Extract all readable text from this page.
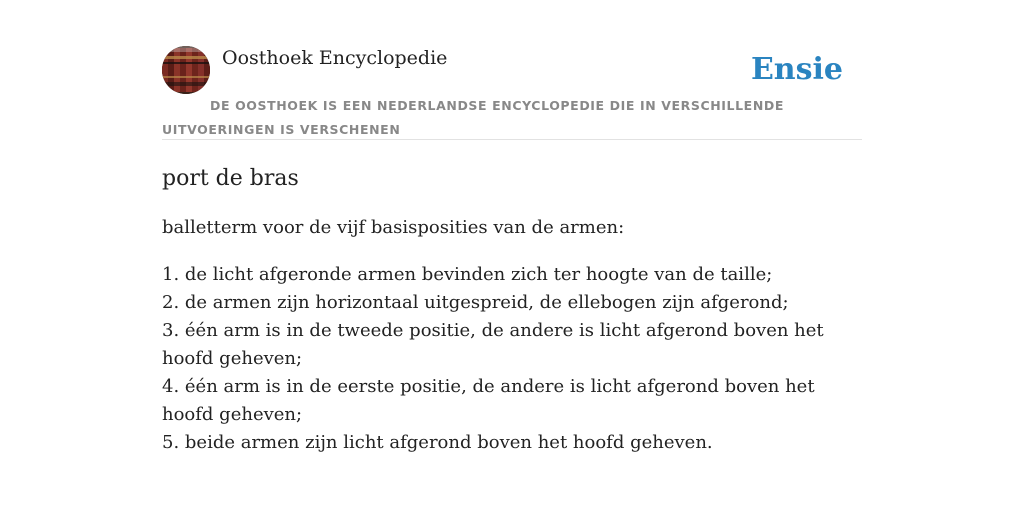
Oosthoek Encyclopedie	Ensie
DE OOSTHOEK IS EEN NEDERLANDSE ENCYCLOPEDIE DIE IN VERSCHILLENDE UITVOERINGEN IS VERSCHENEN
port de bras

balletterm voor de vijf basisposities van de armen:

1. de licht afgeronde armen bevinden zich ter hoogte van de taille;
2. de armen zijn horizontaal uitgespreid, de ellebogen zijn afgerond;
3. één arm is in de tweede positie, de andere is licht afgerond boven het hoofd geheven;
4. één arm is in de eerste positie, de andere is licht afgerond boven het hoofd geheven;
5. beide armen zijn licht afgerond boven het hoofd geheven.
